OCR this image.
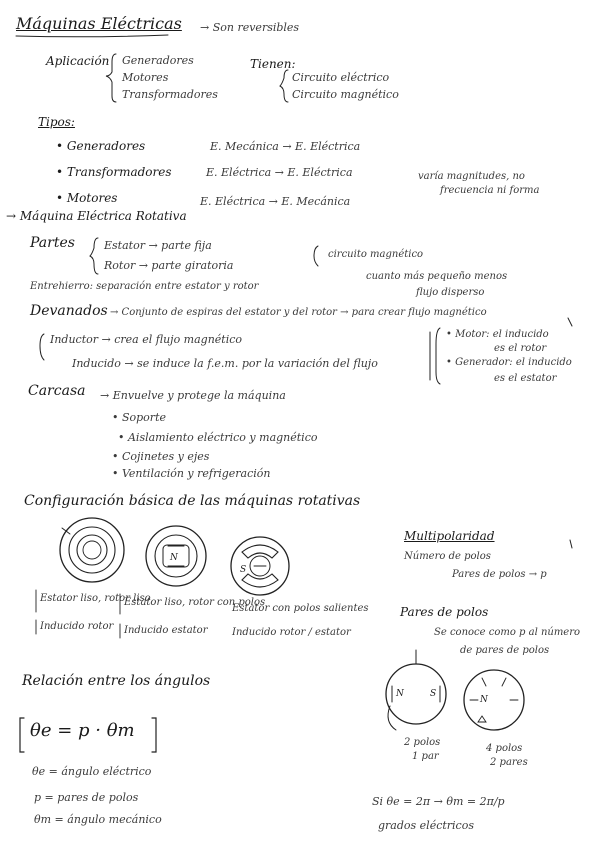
Máquinas Eléctricas → Son reversibles
Aplicación Generadores
Motores
Transformadores
Tienen:
Circuito eléctrico
Circuito magnético
Tipos:
• Generadores	E. Mecánica → E. Eléctrica
• Transformadores	E. Eléctrica → E. Eléctrica	varía magnitudes, no
frecuencia ni forma
• Motores	E. Eléctrica → E. Mecánica
→ Máquina Eléctrica Rotativa
Partes	Estator → parte fija
Rotor → parte giratoria
circuito magnético
Entrehierro: separación entre estator y rotor
cuanto más pequeño menos
flujo disperso
Devanados → Conjunto de espiras del estator y del rotor → para crear flujo magnético
Inductor → crea el flujo magnético
Inducido → se induce la f.e.m. por la variación del flujo
• Motor: el inducido
es el rotor
• Generador: el inducido
es el estator
Carcasa → Envuelve y protege la máquina
• Soporte
• Aislamiento eléctrico y magnético
• Cojinetes y ejes
• Ventilación y refrigeración
Configuración básica de las máquinas rotativas
Multipolaridad
Número de polos
Pares de polos → p
Estator liso, rotor liso
Estator liso, rotor con polos
Estator con polos salientes
Inducido rotor Inducido estator Inducido rotor / estator
Pares de polos
Se conoce como p al número
de pares de polos
Relación entre los ángulos
θe = p · θm
θe = ángulo eléctrico
p = pares de polos
θm = ángulo mecánico
Si θe = 2π → θm = 2π/p
grados eléctricos
2 polos
1 par
4 polos
2 pares
N
S
N	S
N
